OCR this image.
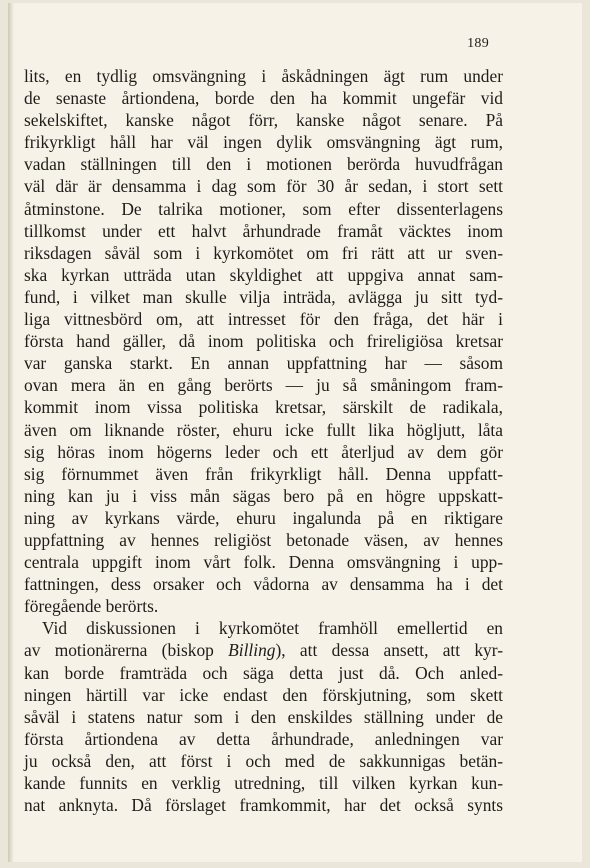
189
lits, en tydlig omsvängning i åskådningen ägt rum under
de senaste årtiondena, borde den ha kommit ungefär vid
sekelskiftet, kanske något förr, kanske något senare. På
frikyrkligt håll har väl ingen dylik omsvängning ägt rum,
vadan ställningen till den i motionen berörda huvudfrågan
väl där är densamma i dag som för 30 år sedan, i stort sett
åtminstone. De talrika motioner, som efter dissenterlagens
tillkomst under ett halvt århundrade framåt väcktes inom
riksdagen såväl som i kyrkomötet om fri rätt att ur sven-
ska kyrkan utträda utan skyldighet att uppgiva annat sam-
fund, i vilket man skulle vilja inträda, avlägga ju sitt tyd-
liga vittnesbörd om, att intresset för den fråga, det här i
första hand gäller, då inom politiska och frireligiösa kretsar
var ganska starkt. En annan uppfattning har — såsom
ovan mera än en gång berörts — ju så småningom fram-
kommit inom vissa politiska kretsar, särskilt de radikala,
även om liknande röster, ehuru icke fullt lika högljutt, låta
sig höras inom högerns leder och ett återljud av dem gör
sig förnummet även från frikyrkligt håll. Denna uppfatt-
ning kan ju i viss mån sägas bero på en högre uppskatt-
ning av kyrkans värde, ehuru ingalunda på en riktigare
uppfattning av hennes religiöst betonade väsen, av hennes
centrala uppgift inom vårt folk. Denna omsvängning i upp-
fattningen, dess orsaker och vådorna av densamma ha i det
föregående berörts.
Vid diskussionen i kyrkomötet framhöll emellertid en
av motionärerna (biskop Billing), att dessa ansett, att kyr-
kan borde framträda och säga detta just då. Och anled-
ningen härtill var icke endast den förskjutning, som skett
såväl i statens natur som i den enskildes ställning under de
första årtiondena av detta århundrade, anledningen var
ju också den, att först i och med de sakkunnigas betän-
kande funnits en verklig utredning, till vilken kyrkan kun-
nat anknyta. Då förslaget framkommit, har det också synts
